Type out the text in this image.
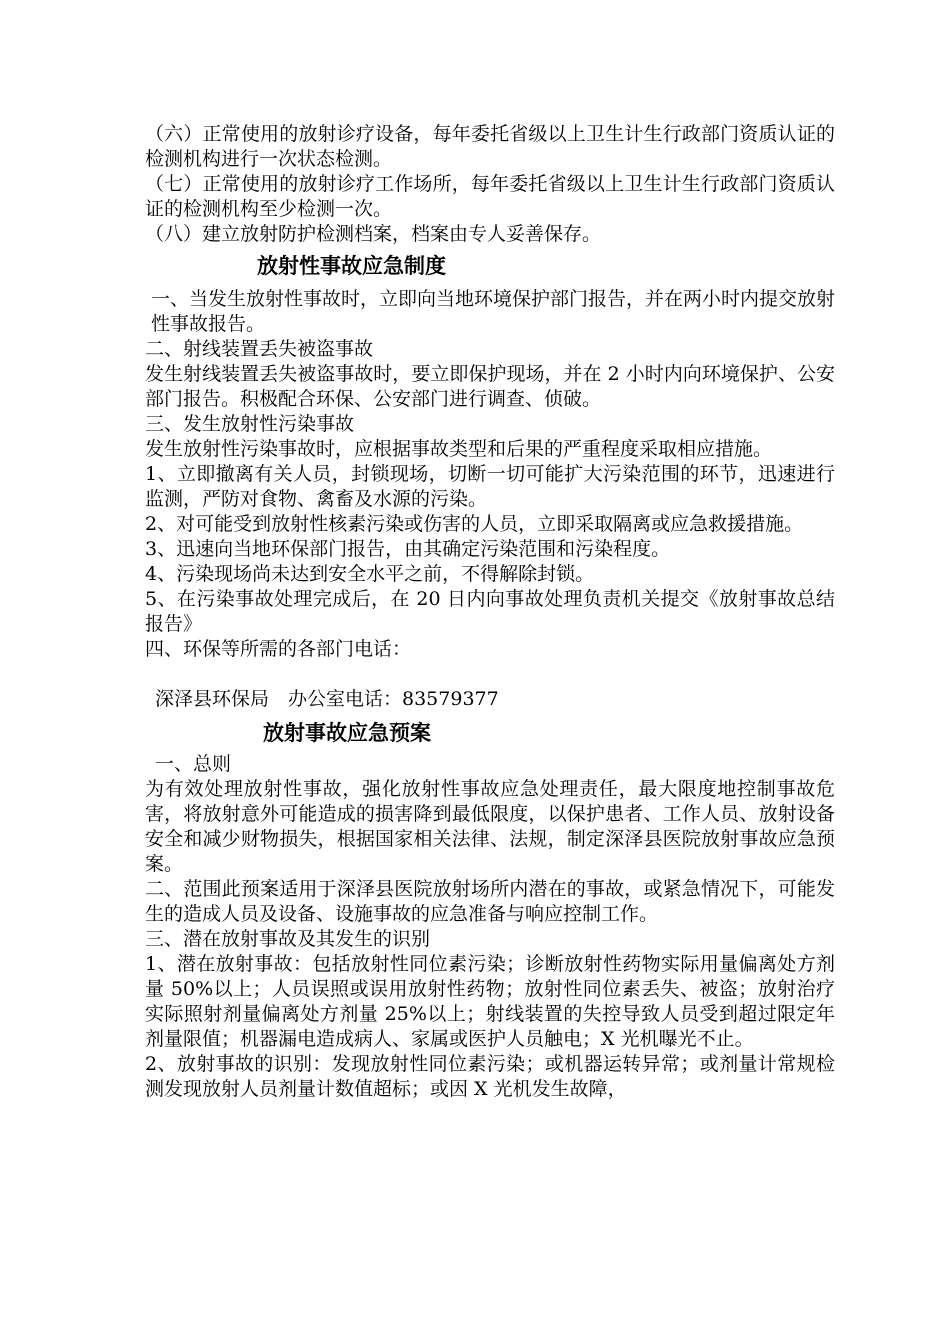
（六）正常使用的放射诊疗设备，每年委托省级以上卫生计生行政部门资质认证的检测机构进行一次状态检测。

（七）正常使用的放射诊疗工作场所，每年委托省级以上卫生计生行政部门资质认证的检测机构至少检测一次。

（八）建立放射防护检测档案，档案由专人妥善保存。

放射性事故应急制度

一、当发生放射性事故时，立即向当地环境保护部门报告，并在两小时内提交放射性事故报告。

二、射线装置丢失被盗事故

发生射线装置丢失被盗事故时，要立即保护现场，并在 2 小时内向环境保护、公安部门报告。积极配合环保、公安部门进行调查、侦破。

三、发生放射性污染事故

发生放射性污染事故时，应根据事故类型和后果的严重程度采取相应措施。

1、立即撤离有关人员，封锁现场，切断一切可能扩大污染范围的环节，迅速进行监测，严防对食物、禽畜及水源的污染。

2、对可能受到放射性核素污染或伤害的人员，立即采取隔离或应急救援措施。

3、迅速向当地环保部门报告，由其确定污染范围和污染程度。

4、污染现场尚未达到安全水平之前，不得解除封锁。

5、在污染事故处理完成后，在 20 日内向事故处理负责机关提交《放射事故总结报告》

四、环保等所需的各部门电话：

深泽县环保局　办公室电话：83579377

放射事故应急预案

一、总则

为有效处理放射性事故，强化放射性事故应急处理责任，最大限度地控制事故危害，将放射意外可能造成的损害降到最低限度，以保护患者、工作人员、放射设备安全和减少财物损失，根据国家相关法律、法规，制定深泽县医院放射事故应急预案。

二、范围此预案适用于深泽县医院放射场所内潜在的事故，或紧急情况下，可能发生的造成人员及设备、设施事故的应急准备与响应控制工作。

三、潜在放射事故及其发生的识别

1、潜在放射事故：包括放射性同位素污染；诊断放射性药物实际用量偏离处方剂量 50%以上；人员误照或误用放射性药物；放射性同位素丢失、被盗；放射治疗实际照射剂量偏离处方剂量 25%以上；射线装置的失控导致人员受到超过限定年剂量限值；机器漏电造成病人、家属或医护人员触电；X 光机曝光不止。

2、放射事故的识别：发现放射性同位素污染；或机器运转异常；或剂量计常规检测发现放射人员剂量计数值超标；或因 X 光机发生故障，
